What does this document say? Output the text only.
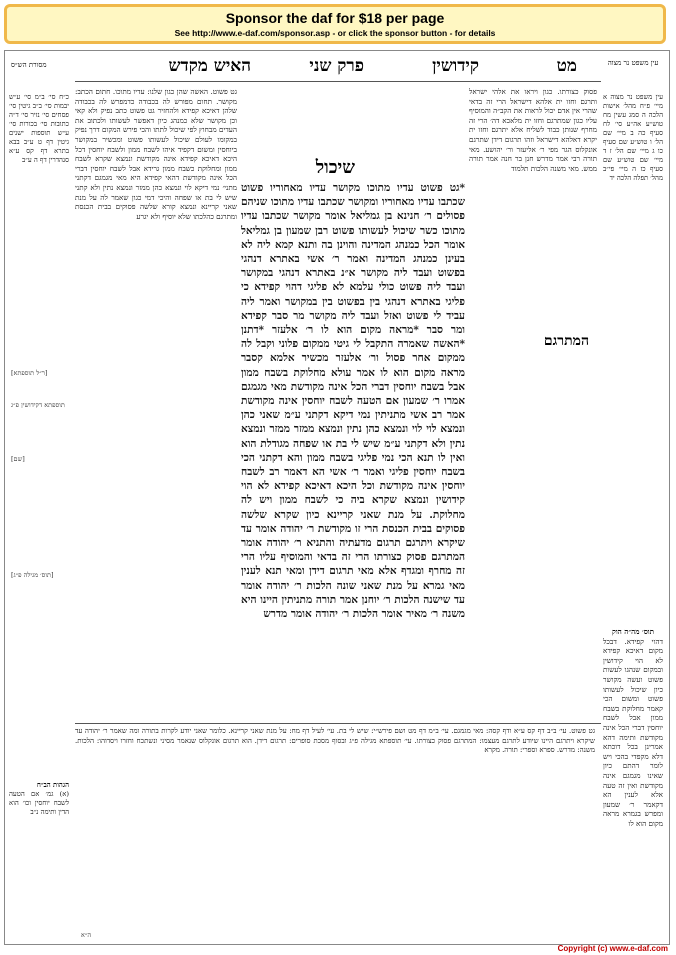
Sponsor the daf for $18 per page
See http://www.e-daf.com/sponsor.asp - or click the sponsor button - for details
האיש מקדש	פרק שני	קידושין	מט
מסורת הש״ס	עין משפט נר מצוה
כ״ח סי׳ ב״מ סי׳ ע״ש יבמות סי׳ ב״ב גיטין סי׳ פסחים סי׳ נזיר סי׳ ד״ה כתובות סי׳ בכורות סי׳ ע״ש תוספות ישנים גיטין דף ט ע״ב בבא בתרא דף קס ע״א סנהדרין דף ה ע״ב
[ר״ל תוספתא]
תוספתא דקידושין פ״ג
[שם]
[תוס׳ מגילה פ״ג]
הגהות הב״ח
(א) גמ׳ אם הטעה לשבח יוחסין וכו׳ הוא הדין ותימה נ״ב
גט פשוט. האשה שהן כגון שלנו: עדיו מתוכו. חתום הכתב: מקושר. תחום מפורש לה בכבודה כדמפרש לה בכבודה שלהן דאיכא קפידא ולהחזיר גט פשוט כתב נפיק ולא קאי וכן מקושר שלא כמנהג כיון דאפשר לעשותו ולכתוב את העדים מבחוץ לפי שיכול לתתו והכי פירש המקום דרך נפיק במקומו לעולם שיכול לעשותו פשוט ומכשיר במקושר ביוחסין ומשום דקפיד איהו לשבח ממון ולשבח יוחסין דכל היכא דאיכא קפידא אינה מקודשת ונמצא שקרא לשבח ממון ומחלוקת כשבח ממון גרידא אבל לשבח יוחסין דברי הכל אינה מקודשת דהאי קפידא היא מאי מגמגם דקתני מתני׳ נמי דיקא לוי ונמצא כהן ממזר ונמצא נתין ולא קתני שיש לי בת או שפחה והיכי דמי כגון שאמר לה על מנת שאני קריינא ונמצא קורא שלשה פסוקים בבית הכנסת ומתרגם כהלכתו שלא יוסיף ולא יגרע
*גט פשוט עדיו מתוכו מקושר עדיו מאחוריו פשוט שכתבו עדיו מאחוריו ומקושר שכתבו עדיו מתוכו שניהם פסולים ר׳ חנינא בן גמליאל אומר מקושר שכתבו עדיו מתוכו כשר שיכול לעשותו פשוט רבן שמעון בן גמליאל אומר הכל כמנהג המדינה והוינן בה ותנא קמא ליה לא בעינן כמנהג המדינה ואמר ר׳ אשי באתרא דנהגי בפשוט ועבד ליה מקושר א״נ באתרא דנהגי במקושר ועבד ליה פשוט כולי עלמא לא פליגי דהוי קפידא כי פליגי באתרא דנהגי בין בפשוט בין במקושר ואמר ליה עביד לי פשוט ואזל ועבד ליה מקושר מר סבר קפידא ומר סבר *מראה מקום הוא לו ר׳ אלעזר *דתנן *האשה שאמרה התקבל לי גיטי ממקום פלוני וקבל לה ממקום אחר פסול ור׳ אלעזר מכשיר אלמא קסבר מראה מקום הוא לו אמר עולא מחלוקת בשבח ממון אבל בשבח יוחסין דברי הכל אינה מקודשת מאי מגמגם אמרו ר׳ שמעון אם הטעה לשבח יוחסין אינה מקודשת אמר רב אשי מתניתין נמי דיקא דקתני ע״מ שאני כהן ונמצא לוי לוי ונמצא כהן נתין ונמצא ממזר ממזר ונמצא נתין ולא דקתני ע״מ שיש לי בת או שפחה מגודלת הוא ואין לו תנא הכי נמי פליגי בשבח ממון והא דקתני הכי בשבח יוחסין פליגי ואמר ר׳ אשי הא דאמר רב לשבח יוחסין אינה מקודשת וכל היכא דאיכא קפידא לא הוי קידושין ונמצא שקרא ביה כי לשבח ממון ויש לה מחלוקת. על מנת שאני קריינא כיון שקרא שלשה פסוקים בבית הכנסת הרי זו מקודשת ר׳ יהודה אומר עד שיקרא ויתרגם תרגום מדעתיה והתניא ר׳ יהודה אומר המתרגם פסוק כצורתו הרי זה בדאי והמוסיף עליו הרי זה מחרף ומגדף אלא מאי תרגום דידן ומאי תנא לענין מאי גמרא על מנת שאני שונה הלכות ר׳ יהודה אומר עד שישנה הלכות ר׳ יוחנן אמר תורה מתניתין היינו היא משנה ר׳ מאיר אומר הלכות ר׳ יהודה אומר מדרש
שיכול
פסוק כצורתו. כגון ויראו את אלהי ישראל ותרגם וחזו ית אלהא דישראל הרי זה בדאי שהרי אין אדם יכול לראות את הקב״ה והמוסיף עליו כגון שמתרגם וחזו ית מלאכא דה׳ הרי זה מחרף שנותן כבוד לשליח אלא יתרגם וחזו ית יקרא דאלהא דישראל וזהו תרגום דידן שתרגם אונקלוס הגר מפי ר׳ אליעזר ור׳ יהושע. מאי תורה רבי אמר מדרש חנן בר חנה אמר תורה ממש. מאי משנה הלכות תלמוד
המתרגם
עין משפט נר מצוה א מיי׳ פ״ח מהל׳ אישות הלכה ה סמג עשין מח טוש״ע אה״ע סי׳ לח סעיף כה ב מיי׳ שם הל׳ ו טוש״ע שם סעיף כו ג מיי׳ שם הל׳ ז ד מיי׳ שם טוש״ע שם סעיף כז ה מיי׳ פי״ב מהל׳ תפלה הלכה יד
תוס׳ מה״ה הוק
דהוי קפידא. דבכל מקום דאיכא קפידא לא הוי קידושין ובמקום שנהגו לעשות פשוט ועשה מקושר כיון שיכול לעשותו פשוט ומשום הכי קאמר מחלוקת בשבח ממון אבל לשבח יוחסין דברי הכל אינה מקודשת ותימה דהא אמרינן בכל דוכתא דלא מקפדי בהכי ויש לומר דהתם כיון שאינו מגמגם אינה מקודשת ואין זה טעה אלא לענין הא דקאמר ר׳ שמעון ומפרש בגמרא מראה מקום הוא לו
גט פשוט. עי׳ ב״ב דף קס ע״א ודף קסה: מאי מגמגם. עי׳ ב״מ דף מט ושם פירש״י: שיש לי בת. עי׳ לעיל דף מח: על מנת שאני קריינא. כלומר שאני יודע לקרות בתורה ומה שאמר ר׳ יהודה עד שיקרא ויתרגם היינו שיודע לתרגם מעצמו: המתרגם פסוק כצורתו. עי׳ תוספתא מגילה פ״ג ובסוף מסכת סופרים: תרגום דידן. הוא תרגום אונקלוס שנאמר מסיני ונשתכח וחזרו ויסדוהו: הלכות. משנה: מדרש. ספרא וספרי: תורה. מקרא
ה״א
Copyright (c) www.e-daf.com
